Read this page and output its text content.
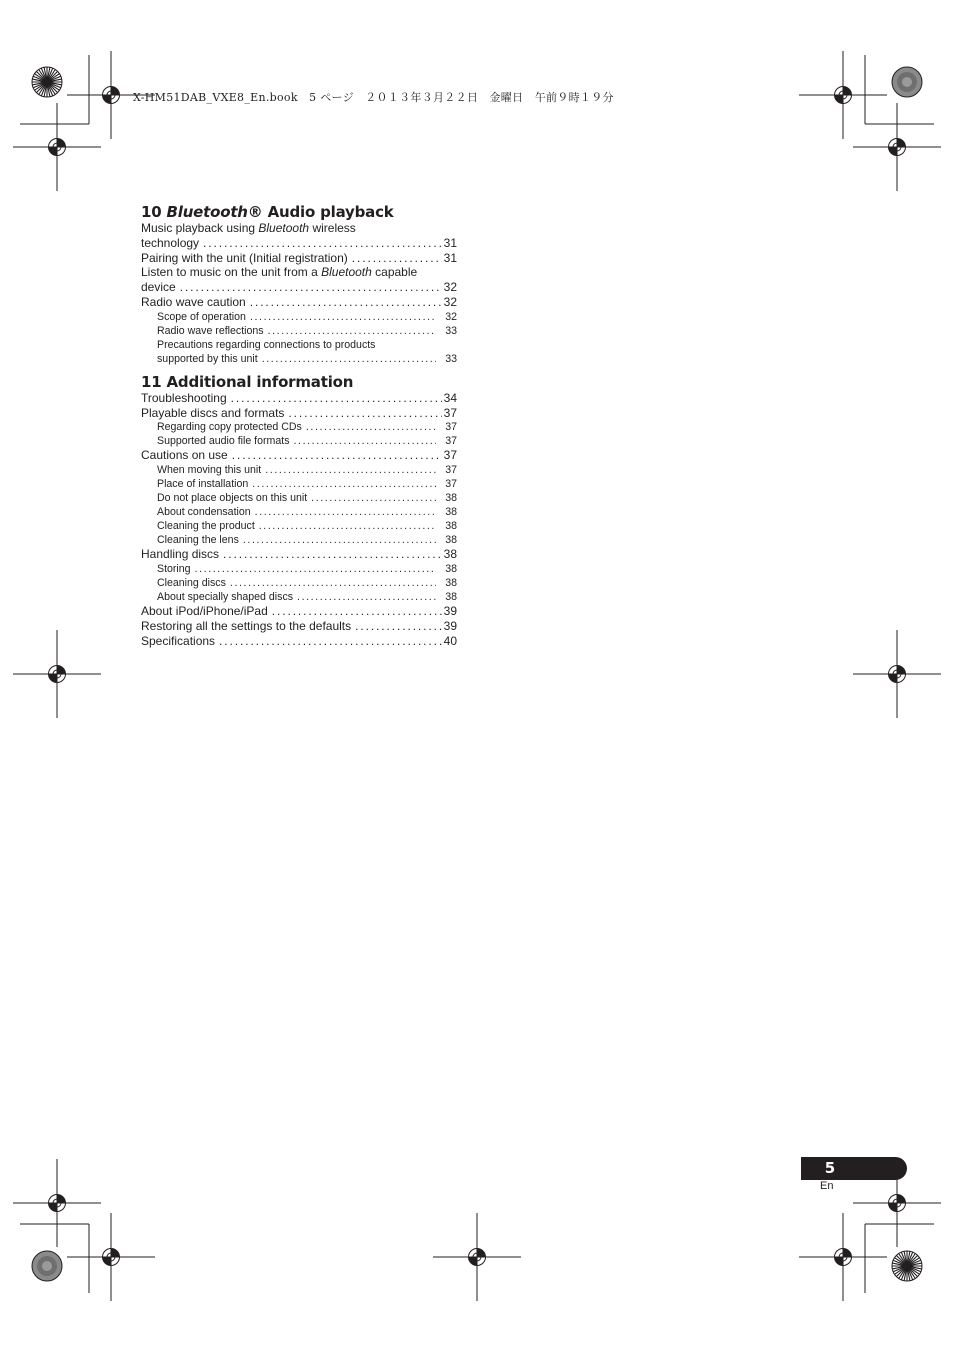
X-HM51DAB_VXE8_En.book　5 ページ　２０１３年３月２２日　金曜日　午前９時１９分
10 Bluetooth® Audio playback
Music playback using Bluetooth wireless
technology .....	31
Pairing with the unit (Initial registration) .....	31
Listen to music on the unit from a Bluetooth capable
device .....	32
Radio wave caution .....	32
Scope of operation .....	32
Radio wave reflections .....	33
Precautions regarding connections to products
supported by this unit .....	33
11 Additional information
Troubleshooting .....	34
Playable discs and formats .....	37
Regarding copy protected CDs .....	37
Supported audio file formats .....	37
Cautions on use .....	37
When moving this unit .....	37
Place of installation .....	37
Do not place objects on this unit .....	38
About condensation .....	38
Cleaning the product .....	38
Cleaning the lens .....	38
Handling discs .....	38
Storing .....	38
Cleaning discs .....	38
About specially shaped discs .....	38
About iPod/iPhone/iPad .....	39
Restoring all the settings to the defaults .....	39
Specifications .....	40
5
En
